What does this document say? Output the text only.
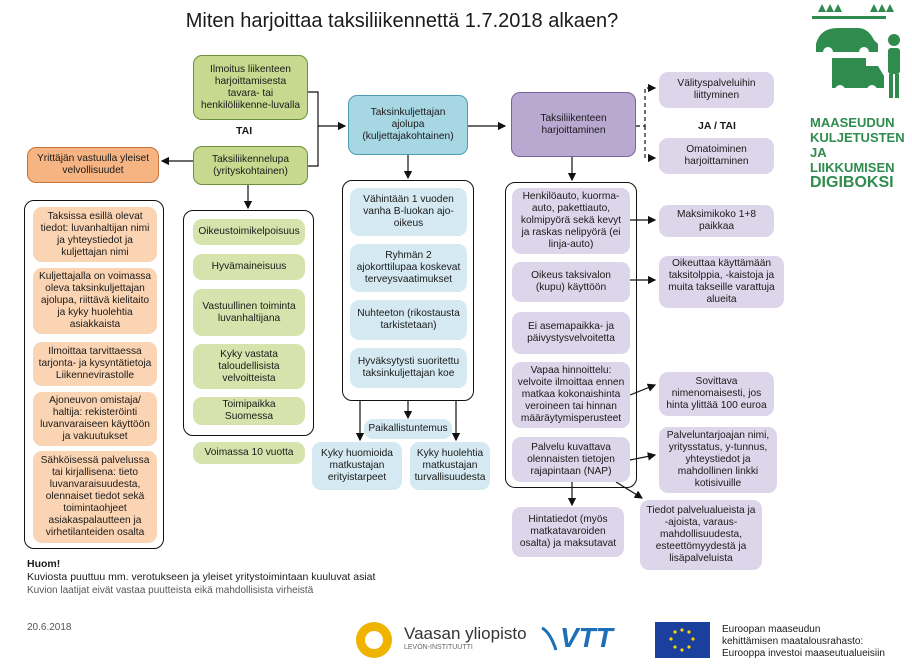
Miten harjoittaa taksiliikennettä 1.7.2018 alkaen?
Ilmoitus liikenteen harjoittamisesta tavara- tai henkilöliikenne-luvalla
TAI
Taksiliikennelupa (yrityskohtainen)
Oikeustoimikelpoisuus
Hyvämaineisuus
Vastuullinen toiminta luvanhaltijana
Kyky vastata taloudellisista velvoitteista
Toimipaikka Suomessa
Voimassa 10 vuotta
Yrittäjän vastuulla yleiset velvollisuudet
Taksissa esillä olevat tiedot: luvanhaltijan nimi ja yhteystiedot ja kuljettajan nimi
Kuljettajalla on voimassa oleva taksinkuljettajan ajolupa, riittävä kielitaito ja kyky huolehtia asiakkaista
Ilmoittaa tarvittaessa tarjonta- ja kysyntätietoja Liikennevirastolle
Ajoneuvon omistaja/ haltija: rekisteröinti luvanvaraiseen käyttöön ja vakuutukset
Sähköisessä palvelussa tai kirjallisena: tieto luvanvaraisuudesta, olennaiset tiedot sekä toimintaohjeet asiakaspalautteen ja virhetilanteiden osalta
Taksinkuljettajan ajolupa (kuljettajakohtainen)
Vähintään 1 vuoden vanha B-luokan ajo-oikeus
Ryhmän 2 ajokorttilupaa koskevat terveysvaatimukset
Nuhteeton (rikostausta tarkistetaan)
Hyväksytysti suoritettu taksinkuljettajan koe
Paikallistuntemus
Kyky huomioida matkustajan erityistarpeet
Kyky huolehtia matkustajan turvallisuudesta
Taksiliikenteen harjoittaminen
Välityspalveluihin liittyminen
JA / TAI
Omatoiminen harjoittaminen
Henkilöauto, kuorma-auto, pakettiauto, kolmipyörä sekä kevyt ja raskas nelipyörä (ei linja-auto)
Oikeus taksivalon (kupu) käyttöön
Ei asemapaikka- ja päivystysvelvoitetta
Vapaa hinnoittelu: velvoite ilmoittaa ennen matkaa kokonaishinta veroineen tai hinnan määräytymisperusteet
Palvelu kuvattava olennaisten tietojen rajapintaan (NAP)
Maksimikoko 1+8 paikkaa
Oikeuttaa käyttämään taksitolppia, -kaistoja ja muita takseille varattuja alueita
Sovittava nimenomaisesti, jos hinta ylittää 100 euroa
Palveluntarjoajan nimi, yritysstatus, y-tunnus, yhteystiedot ja mahdollinen linkki kotisivuille
Hintatiedot (myös matkatavaroiden osalta) ja maksutavat
Tiedot palvelualueista ja -ajoista, varaus-mahdollisuudesta, esteettömyydestä ja lisäpalveluista
Huom!
Kuviosta puuttuu mm. verotukseen ja yleiset yritystoimintaan kuuluvat asiat
Kuvion laatijat eivät vastaa puutteista eikä mahdollisista virheistä
20.6.2018
MAASEUDUN
KULJETUSTEN
JA LIIKKUMISEN
DIGIBOKSI
Vaasan yliopisto
LEVÓN-INSTITUUTTI	VTT	Euroopan maaseudun
kehittämisen maatalousrahasto:
Eurooppa investoi maaseutualueisiin
